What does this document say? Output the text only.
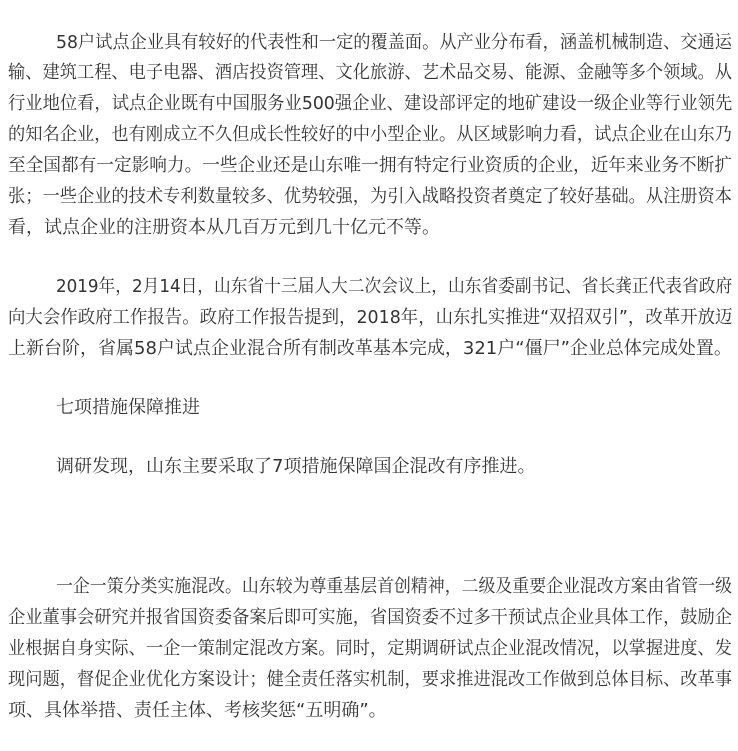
58户试点企业具有较好的代表性和一定的覆盖面。从产业分布看，涵盖机械制造、交通运
输、建筑工程、电子电器、酒店投资管理、文化旅游、艺术品交易、能源、金融等多个领域。从
行业地位看，试点企业既有中国服务业500强企业、建设部评定的地矿建设一级企业等行业领先
的知名企业，也有刚成立不久但成长性较好的中小型企业。从区域影响力看，试点企业在山东乃
至全国都有一定影响力。一些企业还是山东唯一拥有特定行业资质的企业，近年来业务不断扩
张；一些企业的技术专利数量较多、优势较强，为引入战略投资者奠定了较好基础。从注册资本
看，试点企业的注册资本从几百万元到几十亿元不等。
2019年，2月14日，山东省十三届人大二次会议上，山东省委副书记、省长龚正代表省政府
向大会作政府工作报告。政府工作报告提到，2018年，山东扎实推进“双招双引”，改革开放迈
上新台阶，省属58户试点企业混合所有制改革基本完成，321户“僵尸”企业总体完成处置。
七项措施保障推进
调研发现，山东主要采取了7项措施保障国企混改有序推进。
一企一策分类实施混改。山东较为尊重基层首创精神，二级及重要企业混改方案由省管一级
企业董事会研究并报省国资委备案后即可实施，省国资委不过多干预试点企业具体工作，鼓励企
业根据自身实际、一企一策制定混改方案。同时，定期调研试点企业混改情况，以掌握进度、发
现问题，督促企业优化方案设计；健全责任落实机制，要求推进混改工作做到总体目标、改革事
项、具体举措、责任主体、考核奖惩“五明确”。
